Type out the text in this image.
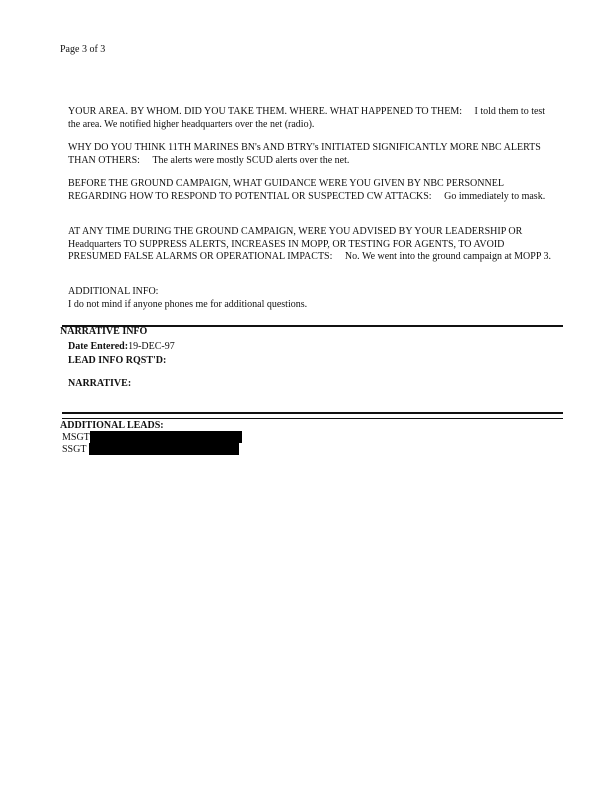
Page 3 of 3
YOUR AREA. BY WHOM. DID YOU TAKE THEM. WHERE. WHAT HAPPENED TO THEM: I told them to test the area. We notified higher headquarters over the net (radio).
WHY DO YOU THINK 11TH MARINES BN's AND BTRY's INITIATED SIGNIFICANTLY MORE NBC ALERTS THAN OTHERS: The alerts were mostly SCUD alerts over the net.
BEFORE THE GROUND CAMPAIGN, WHAT GUIDANCE WERE YOU GIVEN BY NBC PERSONNEL REGARDING HOW TO RESPOND TO POTENTIAL OR SUSPECTED CW ATTACKS: Go immediately to mask.
AT ANY TIME DURING THE GROUND CAMPAIGN, WERE YOU ADVISED BY YOUR LEADERSHIP OR Headquarters TO SUPPRESS ALERTS, INCREASES IN MOPP, OR TESTING FOR AGENTS, TO AVOID PRESUMED FALSE ALARMS OR OPERATIONAL IMPACTS: No. We went into the ground campaign at MOPP 3.
ADDITIONAL INFO:
I do not mind if anyone phones me for additional questions.
NARRATIVE INFO
Date Entered:19-DEC-97
LEAD INFO RQST'D:
NARRATIVE:
ADDITIONAL LEADS:
MSGT
SSGT
